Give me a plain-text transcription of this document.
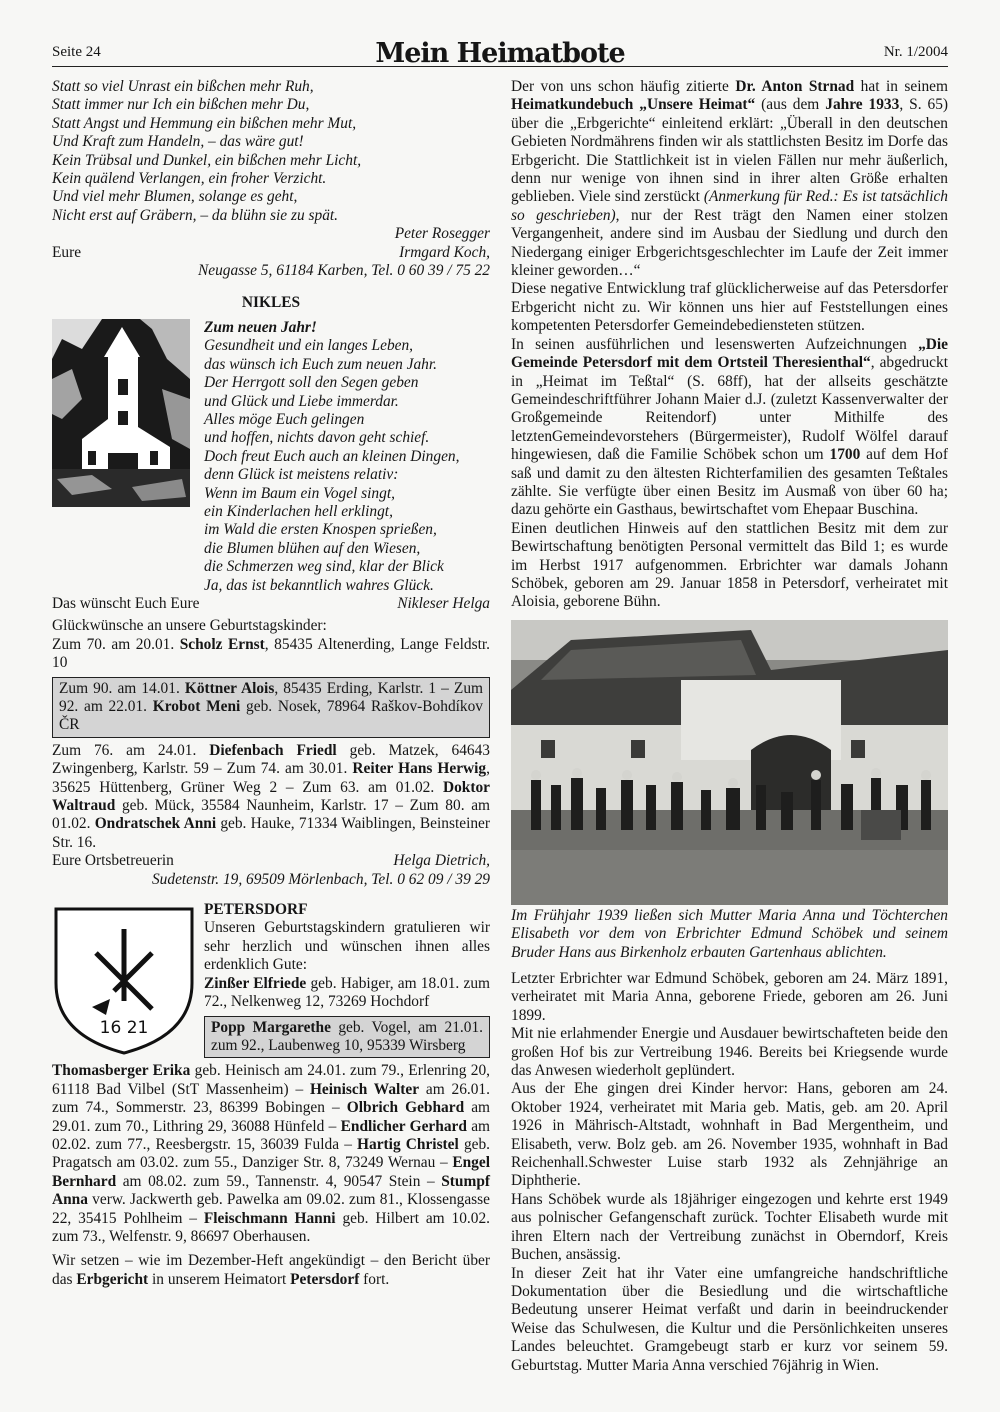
Seite 24	Mein Heimatbote	Nr. 1/2004
Statt so viel Unrast ein bißchen mehr Ruh,
Statt immer nur Ich ein bißchen mehr Du,
Statt Angst und Hemmung ein bißchen mehr Mut,
Und Kraft zum Handeln, – das wäre gut!
Kein Trübsal und Dunkel, ein bißchen mehr Licht,
Kein quälend Verlangen, ein froher Verzicht.
Und viel mehr Blumen, solange es geht,
Nicht erst auf Gräbern, – da blühn sie zu spät.
Peter Rosegger
Eure	Irmgard Koch,
Neugasse 5, 61184 Karben, Tel. 0 60 39 / 75 22
NIKLES
Zum neuen Jahr!
Gesundheit und ein langes Leben,
das wünsch ich Euch zum neuen Jahr.
Der Herrgott soll den Segen geben
und Glück und Liebe immerdar.
Alles möge Euch gelingen
und hoffen, nichts davon geht schief.
Doch freut Euch auch an kleinen Dingen,
denn Glück ist meistens relativ:
Wenn im Baum ein Vogel singt,
ein Kinderlachen hell erklingt,
im Wald die ersten Knospen sprießen,
die Blumen blühen auf den Wiesen,
die Schmerzen weg sind, klar der Blick
Ja, das ist bekanntlich wahres Glück.
Das wünscht Euch Eure	Nikleser Helga

Glückwünsche an unsere Geburtstagskinder:

Zum 70. am 20.01. Scholz Ernst, 85435 Altenerding, Lange Feldstr. 10

Zum 90. am 14.01. Köttner Alois, 85435 Erding, Karlstr. 1 – Zum 92. am 22.01. Krobot Meni geb. Nosek, 78964 Raškov-Bohdíkov ČR

Zum 76. am 24.01. Diefenbach Friedl geb. Matzek, 64643 Zwingenberg, Karlstr. 59 – Zum 74. am 30.01. Reiter Hans Herwig, 35625 Hüttenberg, Grüner Weg 2 – Zum 63. am 01.02. Doktor Waltraud geb. Mück, 35584 Naunheim, Karlstr. 17 – Zum 80. am 01.02. Ondratschek Anni geb. Hauke, 71334 Waiblingen, Beinsteiner Str. 16.

Eure Ortsbetreuerin	Helga Dietrich,
Sudetenstr. 19, 69509 Mörlenbach, Tel. 0 62 09 / 39 29
16 21
PETERSDORF

Unseren Geburtstagskindern gratulieren wir sehr herzlich und wünschen ihnen alles erdenklich Gute:

Zinßer Elfriede geb. Habiger, am 18.01. zum 72., Nelkenweg 12, 73269 Hochdorf

Popp Margarethe geb. Vogel, am 21.01. zum 92., Laubenweg 10, 95339 Wirsberg

Thomasberger Erika geb. Heinisch am 24.01. zum 79., Erlenring 20, 61118 Bad Vilbel (StT Massenheim) – Heinisch Walter am 26.01. zum 74., Sommerstr. 23, 86399 Bobingen – Olbrich Gebhard am 29.01. zum 70., Lithring 29, 36088 Hünfeld – Endlicher Gerhard am 02.02. zum 77., Reesbergstr. 15, 36039 Fulda – Hartig Christel geb. Pragatsch am 03.02. zum 55., Danziger Str. 8, 73249 Wernau – Engel Bernhard am 08.02. zum 59., Tannenstr. 4, 90547 Stein – Stumpf Anna verw. Jackwerth geb. Pawelka am 09.02. zum 81., Klossengasse 22, 35415 Pohlheim – Fleischmann Hanni geb. Hilbert am 10.02. zum 73., Welfenstr. 9, 86697 Oberhausen.

Wir setzen – wie im Dezember-Heft angekündigt – den Bericht über das Erbgericht in unserem Heimatort Petersdorf fort.

Der von uns schon häufig zitierte Dr. Anton Strnad hat in seinem Heimatkundebuch „Unsere Heimat“ (aus dem Jahre 1933, S. 65) über die „Erbgerichte“ einleitend erklärt: „Überall in den deutschen Gebieten Nordmährens finden wir als stattlichsten Besitz im Dorfe das Erbgericht. Die Stattlichkeit ist in vielen Fällen nur mehr äußerlich, denn nur wenige von ihnen sind in ihrer alten Größe erhalten geblieben. Viele sind zerstückt (Anmerkung für Red.: Es ist tatsächlich so geschrieben), nur der Rest trägt den Namen einer stolzen Vergangenheit, andere sind im Ausbau der Siedlung und durch den Niedergang einiger Erbgerichtsgeschlechter im Laufe der Zeit immer kleiner geworden…“

Diese negative Entwicklung traf glücklicherweise auf das Petersdorfer Erbgericht nicht zu. Wir können uns hier auf Feststellungen eines kompetenten Petersdorfer Gemeindebediensteten stützen.

In seinen ausführlichen und lesenswerten Aufzeichnungen „Die Gemeinde Petersdorf mit dem Ortsteil Theresienthal“, abgedruckt in „Heimat im Teßtal“ (S. 68ff), hat der allseits geschätzte Gemeindeschriftführer Johann Maier d.J. (zuletzt Kassenverwalter der Großgemeinde Reitendorf) unter Mithilfe des letztenGemeindevorstehers (Bürgermeister), Rudolf Wölfel darauf hingewiesen, daß die Familie Schöbek schon um 1700 auf dem Hof saß und damit zu den ältesten Richterfamilien des gesamten Teßtales zählte. Sie verfügte über einen Besitz im Ausmaß von über 60 ha; dazu gehörte ein Gasthaus, bewirtschaftet vom Ehepaar Buschina.

Einen deutlichen Hinweis auf den stattlichen Besitz mit dem zur Bewirtschaftung benötigten Personal vermittelt das Bild 1; es wurde im Herbst 1917 aufgenommen. Erbrichter war damals Johann Schöbek, geboren am 29. Januar 1858 in Petersdorf, verheiratet mit Aloisia, geborene Bühn.

Im Frühjahr 1939 ließen sich Mutter Maria Anna und Töchterchen Elisabeth vor dem von Erbrichter Edmund Schöbek und seinem Bruder Hans aus Birkenholz erbauten Gartenhaus ablichten.

Letzter Erbrichter war Edmund Schöbek, geboren am 24. März 1891, verheiratet mit Maria Anna, geborene Friede, geboren am 26. Juni 1899.

Mit nie erlahmender Energie und Ausdauer bewirtschafteten beide den großen Hof bis zur Vertreibung 1946. Bereits bei Kriegsende wurde das Anwesen wiederholt geplündert.

Aus der Ehe gingen drei Kinder hervor: Hans, geboren am 24. Oktober 1924, verheiratet mit Maria geb. Matis, geb. am 20. April 1926 in Mährisch-Altstadt, wohnhaft in Bad Mergentheim, und Elisabeth, verw. Bolz geb. am 26. November 1935, wohnhaft in Bad Reichenhall.Schwester Luise starb 1932 als Zehnjährige an Diphtherie.

Hans Schöbek wurde als 18jähriger eingezogen und kehrte erst 1949 aus polnischer Gefangenschaft zurück. Tochter Elisabeth wurde mit ihren Eltern nach der Vertreibung zunächst in Oberndorf, Kreis Buchen, ansässig.

In dieser Zeit hat ihr Vater eine umfangreiche handschriftliche Dokumentation über die Besiedlung und die wirtschaftliche Bedeutung unserer Heimat verfaßt und darin in beeindruckender Weise das Schulwesen, die Kultur und die Persönlichkeiten unseres Landes beleuchtet. Gramgebeugt starb er kurz vor seinem 59. Geburtstag. Mutter Maria Anna verschied 76jährig in Wien.
